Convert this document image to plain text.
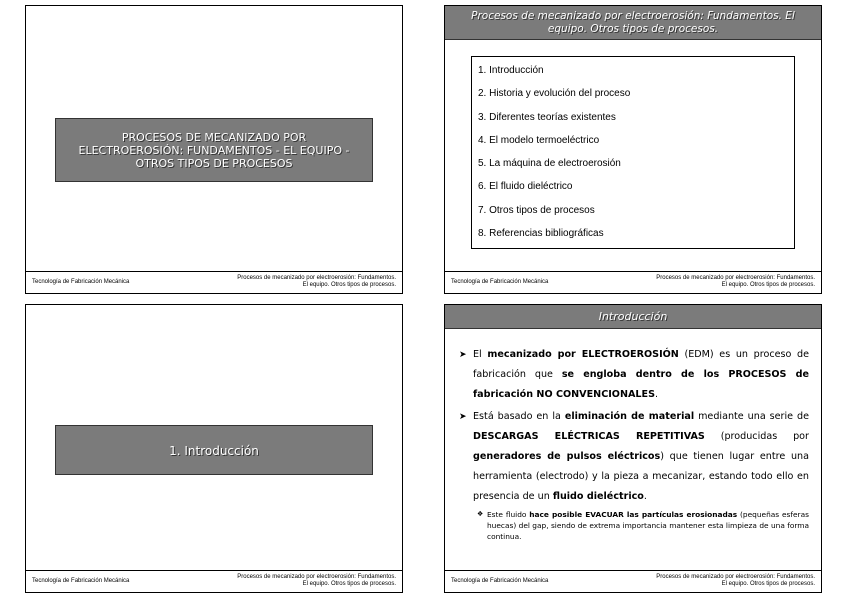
PROCESOS DE MECANIZADO POR
ELECTROEROSIÓN: FUNDAMENTOS - EL EQUIPO -
OTROS TIPOS DE PROCESOS
Tecnología de Fabricación Mecánica
Procesos de mecanizado por electroerosión: Fundamentos.
El equipo. Otros tipos de procesos.
Procesos de mecanizado por electroerosión: Fundamentos. El
equipo. Otros tipos de procesos.
1. Introducción
2. Historia y evolución del proceso
3. Diferentes teorías existentes
4. El modelo termoeléctrico
5. La máquina de electroerosión
6. El fluido dieléctrico
7. Otros tipos de procesos
8. Referencias bibliográficas
Tecnología de Fabricación Mecánica
Procesos de mecanizado por electroerosión: Fundamentos.
El equipo. Otros tipos de procesos.
1. Introducción
Tecnología de Fabricación Mecánica
Procesos de mecanizado por electroerosión: Fundamentos.
El equipo. Otros tipos de procesos.
Introducción
➤ El mecanizado por ELECTROEROSIÓN (EDM) es un proceso de fabricación que se engloba dentro de los PROCESOS de fabricación NO CONVENCIONALES.
➤ Está basado en la eliminación de material mediante una serie de DESCARGAS ELÉCTRICAS REPETITIVAS (producidas por generadores de pulsos eléctricos) que tienen lugar entre una herramienta (electrodo) y la pieza a mecanizar, estando todo ello en presencia de un fluido dieléctrico.
❖ Este fluido hace posible EVACUAR las partículas erosionadas (pequeñas esferas huecas) del gap, siendo de extrema importancia mantener esta limpieza de una forma continua.
Tecnología de Fabricación Mecánica
Procesos de mecanizado por electroerosión: Fundamentos.
El equipo. Otros tipos de procesos.
